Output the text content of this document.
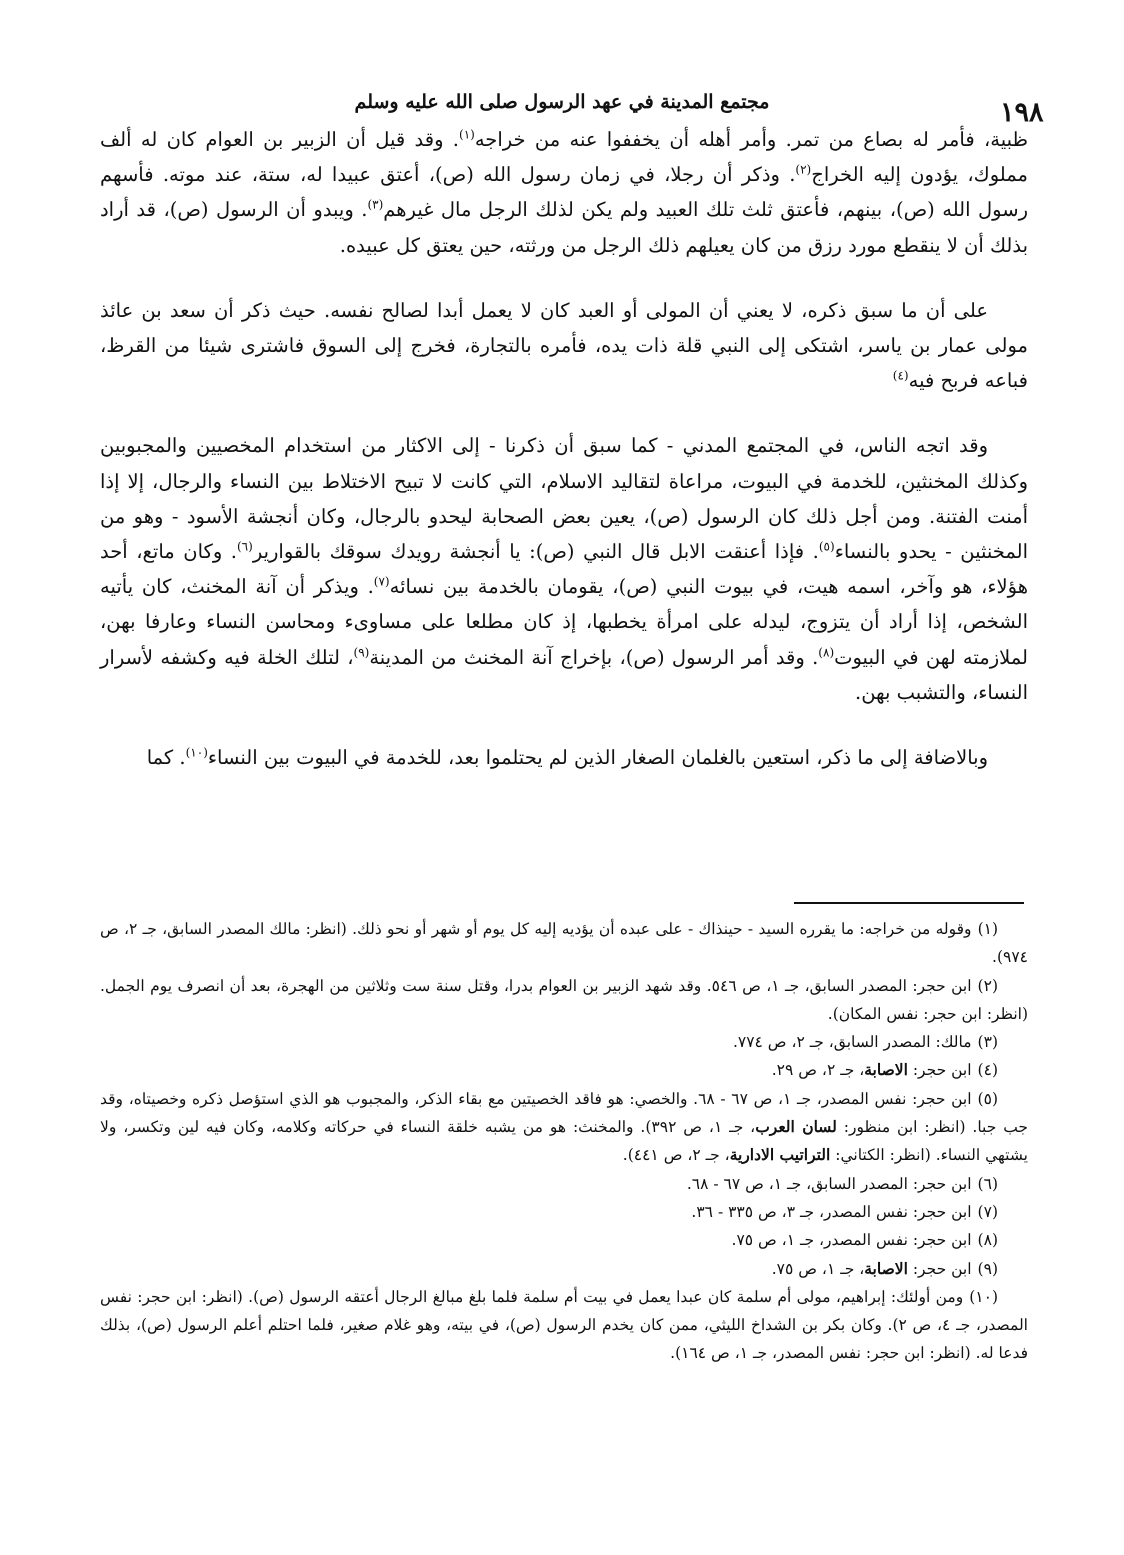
مجتمع المدينة في عهد الرسول صلى الله عليه وسلم	١٩٨

ظبية، فأمر له بصاع من تمر. وأمر أهله أن يخففوا عنه من خراجه$^{(١)}$. وقد قيل أن الزبير بن العوام كان له ألف مملوك، يؤدون إليه الخراج$^{(٢)}$. وذكر أن رجلا، في زمان رسول الله (ص)، أعتق عبيدا له، ستة، عند موته. فأسهم رسول الله (ص)، بينهم، فأعتق ثلث تلك العبيد ولم يكن لذلك الرجل مال غيرهم$^{(٣)}$. ويبدو أن الرسول (ص)، قد أراد بذلك أن لا ينقطع مورد رزق من كان يعيلهم ذلك الرجل من ورثته، حين يعتق كل عبيده.

على أن ما سبق ذكره، لا يعني أن المولى أو العبد كان لا يعمل أبدا لصالح نفسه. حيث ذكر أن سعد بن عائذ مولى عمار بن ياسر، اشتكى إلى النبي قلة ذات يده، فأمره بالتجارة، فخرج إلى السوق فاشترى شيئا من القرظ، فباعه فربح فيه$^{(٤)}$

وقد اتجه الناس، في المجتمع المدني - كما سبق أن ذكرنا - إلى الاكثار من استخدام المخصيين والمجبوبين وكذلك المخنثين، للخدمة في البيوت، مراعاة لتقاليد الاسلام، التي كانت لا تبيح الاختلاط بين النساء والرجال، إلا إذا أمنت الفتنة. ومن أجل ذلك كان الرسول (ص)، يعين بعض الصحابة ليحدو بالرجال، وكان أنجشة الأسود - وهو من المخنثين - يحدو بالنساء$^{(٥)}$. فإذا أعنقت الابل قال النبي (ص): يا أنجشة رويدك سوقك بالقوارير$^{(٦)}$. وكان ماتع، أحد هؤلاء، هو وآخر، اسمه هيت، في بيوت النبي (ص)، يقومان بالخدمة بين نسائه$^{(٧)}$. ويذكر أن آنة المخنث، كان يأتيه الشخص، إذا أراد أن يتزوج، ليدله على امرأة يخطبها، إذ كان مطلعا على مساوىء ومحاسن النساء وعارفا بهن، لملازمته لهن في البيوت$^{(٨)}$. وقد أمر الرسول (ص)، بإخراج آنة المخنث من المدينة$^{(٩)}$، لتلك الخلة فيه وكشفه لأسرار النساء، والتشبب بهن.

وبالاضافة إلى ما ذكر، استعين بالغلمان الصغار الذين لم يحتلموا بعد، للخدمة في البيوت بين النساء$^{(١٠)}$. كما

(١)وقوله من خراجه: ما يقرره السيد - حينذاك - على عبده أن يؤديه إليه كل يوم أو شهر أو نحو ذلك. (انظر: مالك المصدر السابق، جـ ٢، ص ٩٧٤).

(٢)ابن حجر: المصدر السابق، جـ ١، ص ٥٤٦. وقد شهد الزبير بن العوام بدرا، وقتل سنة ست وثلاثين من الهجرة، بعد أن انصرف يوم الجمل. (انظر: ابن حجر: نفس المكان).

(٣)مالك: المصدر السابق، جـ ٢، ص ٧٧٤.

(٤)ابن حجر: الاصابة، جـ ٢، ص ٢٩.

(٥)ابن حجر: نفس المصدر، جـ ١، ص ٦٧ - ٦٨. والخصي: هو فاقد الخصيتين مع بقاء الذكر، والمجبوب هو الذي استؤصل ذكره وخصيتاه، وقد جب جبا. (انظر: ابن منظور: لسان العرب، جـ ١، ص ٣٩٢). والمخنث: هو من يشبه خلقة النساء في حركاته وكلامه، وكان فيه لين وتكسر، ولا يشتهي النساء. (انظر: الكتاني: التراتيب الادارية، جـ ٢، ص ٤٤١).

(٦)ابن حجر: المصدر السابق، جـ ١، ص ٦٧ - ٦٨.

(٧)ابن حجر: نفس المصدر، جـ ٣، ص ٣٣٥ - ٣٦.

(٨)ابن حجر: نفس المصدر، جـ ١، ص ٧٥.

(٩)ابن حجر: الاصابة، جـ ١، ص ٧٥.

(١٠)ومن أولئك: إبراهيم، مولى أم سلمة كان عبدا يعمل في بيت أم سلمة فلما بلغ مبالغ الرجال أعتقه الرسول (ص). (انظر: ابن حجر: نفس المصدر، جـ ٤، ص ٢). وكان بكر بن الشداخ الليثي، ممن كان يخدم الرسول (ص)، في بيته، وهو غلام صغير، فلما احتلم أعلم الرسول (ص)، بذلك فدعا له. (انظر: ابن حجر: نفس المصدر، جـ ١، ص ١٦٤).
